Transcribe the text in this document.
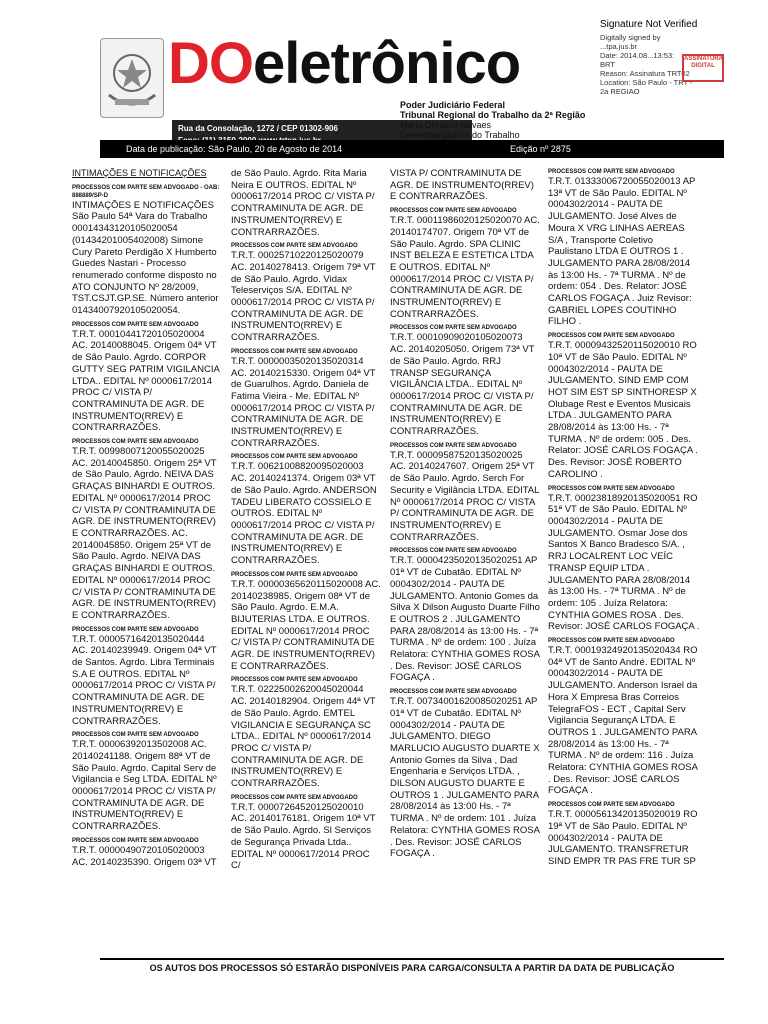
DOeletrônico
Rua da Consolação, 1272 / CEP 01302-906
Poder Judiciário Federal
Tribunal Regional do Trabalho da 2ª Região
Maria Doralice Novaes
Desembargadora do Trabalho
Signature Not Verified
Digitally signed by
...tpa.jus.br
Date: 2014.08...13:53:
BRT
Reason: Assinatura TRT02
Location: São Paulo - TRT -
2a REGIAO
ASSINATURA DIGITAL
Data de publicação: São Paulo, 20 de Agosto de 2014	Edição nº 2875
INTIMAÇÕES E NOTIFICAÇÕES
PROCESSOS COM PARTE SEM ADVOGADO - OAB: 888889/SP-D

INTIMAÇÕES E NOTIFICAÇÕES São Paulo 54ª Vara do Trabalho 00014343120105020054 (01434201005402008) Simone Cury Pareto Perdigão X Humberto Guedes Nastari - Processo renumerado conforme disposto no ATO CONJUNTO Nº 28/2009, TST.CSJT.GP.SE. Número anterior 01434007920105020054.

PROCESSOS COM PARTE SEM ADVOGADO

T.R.T. 00010441720105020004 AC. 20140088045. Origem 04ª VT de São Paulo. Agrdo. CORPOR GUTTY SEG PATRIM VIGILANCIA LTDA.. EDITAL Nº 0000617/2014 PROC C/ VISTA P/ CONTRAMINUTA DE AGR. DE INSTRUMENTO(RREV) E CONTRARRAZÕES.

PROCESSOS COM PARTE SEM ADVOGADO

T.R.T. 00998007120055020025 AC. 20140045850. Origem 25ª VT de São Paulo. Agrdo. NEIVA DAS GRAÇAS BINHARDI E OUTROS. EDITAL Nº 0000617/2014 PROC C/ VISTA P/ CONTRAMINUTA DE AGR. DE INSTRUMENTO(RREV) E CONTRARRAZÕES. AC. 20140045850. Origem 25ª VT de São Paulo. Agrdo. NEIVA DAS GRAÇAS BINHARDI E OUTROS. EDITAL Nº 0000617/2014 PROC C/ VISTA P/ CONTRAMINUTA DE AGR. DE INSTRUMENTO(RREV) E CONTRARRAZÕES.

PROCESSOS COM PARTE SEM ADVOGADO

T.R.T. 00005716420135020444 AC. 20140239949. Origem 04ª VT de Santos. Agrdo. Libra Terminais S.A E OUTROS. EDITAL Nº 0000617/2014 PROC C/ VISTA P/ CONTRAMINUTA DE AGR. DE INSTRUMENTO(RREV) E CONTRARRAZÕES.

PROCESSOS COM PARTE SEM ADVOGADO

T.R.T. 00006392013502008 AC. 20140241188. Origem 88ª VT de São Paulo. Agrdo. Capital Serv de Vigilancia e Seg LTDA. EDITAL Nº 0000617/2014 PROC C/ VISTA P/ CONTRAMINUTA DE AGR. DE INSTRUMENTO(RREV) E CONTRARRAZÕES.

PROCESSOS COM PARTE SEM ADVOGADO

T.R.T. 00000490720105020003 AC. 20140235390. Origem 03ª VT

de São Paulo. Agrdo. Rita Maria Neira E OUTROS. EDITAL Nº 0000617/2014 PROC C/ VISTA P/ CONTRAMINUTA DE AGR. DE INSTRUMENTO(RREV) E CONTRARRAZÕES.

PROCESSOS COM PARTE SEM ADVOGADO

T.R.T. 00025710220125020079 AC. 20140278413. Origem 79ª VT de São Paulo. Agrdo. Vidax Teleserviços S/A. EDITAL Nº 0000617/2014 PROC C/ VISTA P/ CONTRAMINUTA DE AGR. DE INSTRUMENTO(RREV) E CONTRARRAZÕES.

PROCESSOS COM PARTE SEM ADVOGADO

T.R.T. 00000035020135020314 AC. 20140215330. Origem 04ª VT de Guarulhos. Agrdo. Daniela de Fatima Vieira - Me. EDITAL Nº 0000617/2014 PROC C/ VISTA P/ CONTRAMINUTA DE AGR. DE INSTRUMENTO(RREV) E CONTRARRAZÕES.

PROCESSOS COM PARTE SEM ADVOGADO

T.R.T. 00621008820095020003 AC. 20140241374. Origem 03ª VT de São Paulo. Agrdo. ANDERSON TADEU LIBERATO COSSIELO E OUTROS. EDITAL Nº 0000617/2014 PROC C/ VISTA P/ CONTRAMINUTA DE AGR. DE INSTRUMENTO(RREV) E CONTRARRAZÕES.

PROCESSOS COM PARTE SEM ADVOGADO

T.R.T. 00000365620115020008 AC. 20140238985. Origem 08ª VT de São Paulo. Agrdo. E.M.A. BIJUTERIAS LTDA. E OUTROS. EDITAL Nº 0000617/2014 PROC C/ VISTA P/ CONTRAMINUTA DE AGR. DE INSTRUMENTO(RREV) E CONTRARRAZÕES.

PROCESSOS COM PARTE SEM ADVOGADO

T.R.T. 02225002620045020044 AC. 20140182904. Origem 44ª VT de São Paulo. Agrdo. EMTEL VIGILANCIA E SEGURANÇA SC LTDA.. EDITAL Nº 0000617/2014 PROC C/ VISTA P/ CONTRAMINUTA DE AGR. DE INSTRUMENTO(RREV) E CONTRARRAZÕES.

PROCESSOS COM PARTE SEM ADVOGADO

T.R.T. 00007264520125020010 AC. 20140176181. Origem 10ª VT de São Paulo. Agrdo. Sl Serviços de Segurança Privada Ltda.. EDITAL Nº 0000617/2014 PROC C/

VISTA P/ CONTRAMINUTA DE AGR. DE INSTRUMENTO(RREV) E CONTRARRAZÕES.

PROCESSOS COM PARTE SEM ADVOGADO

T.R.T. 00011986020125020070 AC. 20140174707. Origem 70ª VT de São Paulo. Agrdo. SPA CLINIC INST BELEZA E ESTETICA LTDA E OUTROS. EDITAL Nº 0000617/2014 PROC C/ VISTA P/ CONTRAMINUTA DE AGR. DE INSTRUMENTO(RREV) E CONTRARRAZÕES.

PROCESSOS COM PARTE SEM ADVOGADO

T.R.T. 00010909020105020073 AC. 20140205050. Origem 73ª VT de São Paulo. Agrdo. RRJ TRANSP SEGURANÇA VIGILÂNCIA LTDA.. EDITAL Nº 0000617/2014 PROC C/ VISTA P/ CONTRAMINUTA DE AGR. DE INSTRUMENTO(RREV) E CONTRARRAZÕES.

PROCESSOS COM PARTE SEM ADVOGADO

T.R.T. 00009587520135020025 AC. 20140247607. Origem 25ª VT de São Paulo. Agrdo. Serch For Security e Vigilância LTDA. EDITAL Nº 0000617/2014 PROC C/ VISTA P/ CONTRAMINUTA DE AGR. DE INSTRUMENTO(RREV) E CONTRARRAZÕES.

PROCESSOS COM PARTE SEM ADVOGADO

T.R.T. 00004235020135020251 AP 01ª VT de Cubatão. EDITAL Nº 0004302/2014 - PAUTA DE JULGAMENTO. Antonio Gomes da Silva X Dilson Augusto Duarte Filho E OUTROS 2 . JULGAMENTO PARA 28/08/2014 às 13:00 Hs. - 7ª TURMA . Nº de ordem: 100 . Juíza Relatora: CYNTHIA GOMES ROSA . Des. Revisor: JOSÉ CARLOS FOGAÇA .

PROCESSOS COM PARTE SEM ADVOGADO

T.R.T. 00734001620085020251 AP 01ª VT de Cubatão. EDITAL Nº 0004302/2014 - PAUTA DE JULGAMENTO. DIEGO MARLUCIO AUGUSTO DUARTE X Antonio Gomes da Silva , Dad Engenharia e Serviços LTDA. , DILSON AUGUSTO DUARTE E OUTROS 1 . JULGAMENTO PARA 28/08/2014 às 13:00 Hs. - 7ª TURMA . Nº de ordem: 101 . Juíza Relatora: CYNTHIA GOMES ROSA . Des. Revisor: JOSÉ CARLOS FOGAÇA .

PROCESSOS COM PARTE SEM ADVOGADO

T.R.T. 01333006720055020013 AP 13ª VT de São Paulo. EDITAL Nº 0004302/2014 - PAUTA DE JULGAMENTO. José Alves de Moura X VRG LINHAS AEREAS S/A , Transporte Coletivo Paulistano LTDA E OUTROS 1 . JULGAMENTO PARA 28/08/2014 às 13:00 Hs. - 7ª TURMA . Nº de ordem: 054 . Des. Relator: JOSÉ CARLOS FOGAÇA . Juiz Revisor: GABRIEL LOPES COUTINHO FILHO .

PROCESSOS COM PARTE SEM ADVOGADO

T.R.T. 00009432520115020010 RO 10ª VT de São Paulo. EDITAL Nº 0004302/2014 - PAUTA DE JULGAMENTO. SIND EMP COM HOT SIM EST SP SINTHORESP X Olubage Rest e Eventos Musicais LTDA . JULGAMENTO PARA 28/08/2014 às 13:00 Hs. - 7ª TURMA . Nº de ordem: 005 . Des. Relator: JOSÉ CARLOS FOGAÇA . Des. Revisor: JOSÉ ROBERTO CAROLINO .

PROCESSOS COM PARTE SEM ADVOGADO

T.R.T. 00023818920135020051 RO 51ª VT de São Paulo. EDITAL Nº 0004302/2014 - PAUTA DE JULGAMENTO. Osmar Jose dos Santos X Banco Bradesco S/A. , RRJ LOCALRENT LOC VEÍC TRANSP EQUIP LTDA . JULGAMENTO PARA 28/08/2014 às 13:00 Hs. - 7ª TURMA . Nº de ordem: 105 . Juíza Relatora: CYNTHIA GOMES ROSA . Des. Revisor: JOSÉ CARLOS FOGAÇA .

PROCESSOS COM PARTE SEM ADVOGADO

T.R.T. 00019324920135020434 RO 04ª VT de Santo André. EDITAL Nº 0004302/2014 - PAUTA DE JULGAMENTO. Anderson Israel da Hora X Empresa Bras Correios TelegraFOS - ECT , Capital Serv Vigilancia SegurançA LTDA. E OUTROS 1 . JULGAMENTO PARA 28/08/2014 às 13:00 Hs. - 7ª TURMA . Nº de ordem: 116 . Juíza Relatora: CYNTHIA GOMES ROSA . Des. Revisor: JOSÉ CARLOS FOGAÇA .

PROCESSOS COM PARTE SEM ADVOGADO

T.R.T. 00005613420135020019 RO 19ª VT de São Paulo. EDITAL Nº 0004302/2014 - PAUTA DE JULGAMENTO. TRANSFRETUR SIND EMPR TR PAS FRE TUR SP

OS AUTOS DOS PROCESSOS SÓ ESTARÃO DISPONÍVEIS PARA CARGA/CONSULTA A PARTIR DA DATA DE PUBLICAÇÃO
